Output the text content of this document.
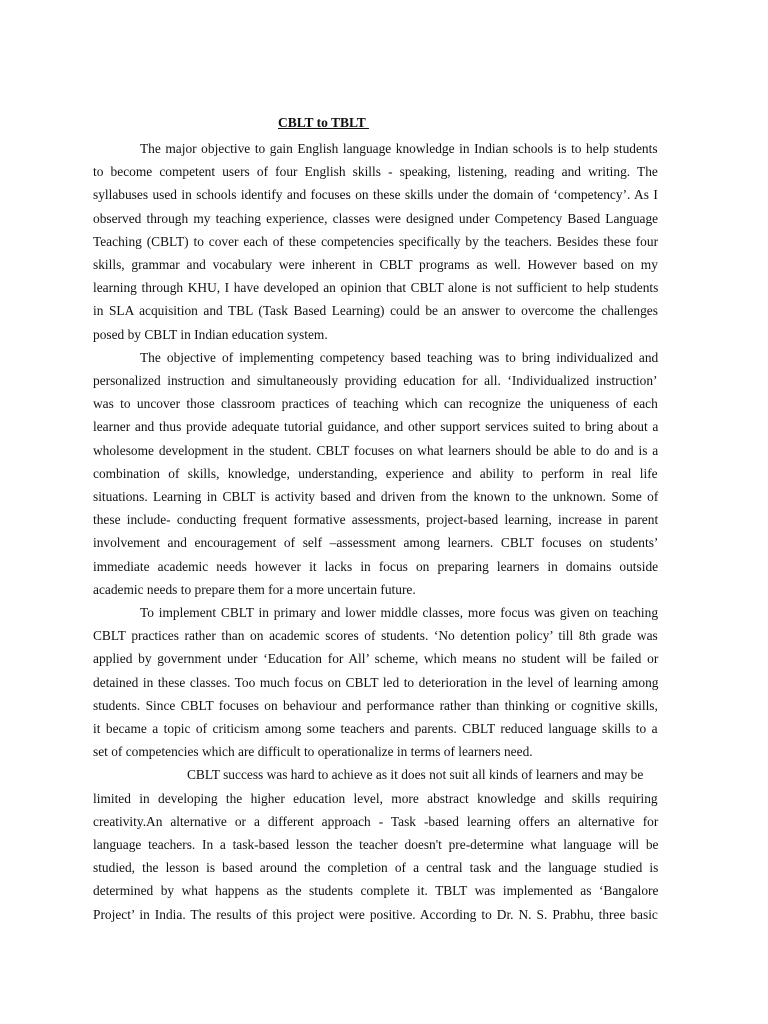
CBLT to TBLT

The major objective to gain English language knowledge in Indian schools is to help students

to become competent users of four English skills - speaking, listening, reading and writing. The

syllabuses used in schools identify and focuses on these skills under the domain of ‘competency’. As I

observed through my teaching experience, classes were designed under Competency Based Language

Teaching (CBLT) to cover each of these competencies specifically by the teachers. Besides these four

skills, grammar and vocabulary were inherent in CBLT programs as well. However based on my

learning through KHU, I have developed an opinion that CBLT alone is not sufficient to help students

in SLA acquisition and TBL (Task Based Learning) could be an answer to overcome the challenges

posed by CBLT in Indian education system.

The objective of implementing competency based teaching was to bring individualized and

personalized instruction and simultaneously providing education for all. ‘Individualized instruction’

was to uncover those classroom practices of teaching which can recognize the uniqueness of each

learner and thus provide adequate tutorial guidance, and other support services suited to bring about a

wholesome development in the student. CBLT focuses on what learners should be able to do and is a

combination of skills, knowledge, understanding, experience and ability to perform in real life

situations. Learning in CBLT is activity based and driven from the known to the unknown. Some of

these include- conducting frequent formative assessments, project-based learning, increase in parent

involvement and encouragement of self –assessment among learners. CBLT focuses on students’

immediate academic needs however it lacks in focus on preparing learners in domains outside

academic needs to prepare them for a more uncertain future.

To implement CBLT in primary and lower middle classes, more focus was given on teaching

CBLT practices rather than on academic scores of students. ‘No detention policy’ till 8th grade was

applied by government under ‘Education for All’ scheme, which means no student will be failed or

detained in these classes. Too much focus on CBLT led to deterioration in the level of learning among

students. Since CBLT focuses on behaviour and performance rather than thinking or cognitive skills,

it became a topic of criticism among some teachers and parents. CBLT reduced language skills to a

set of competencies which are difficult to operationalize in terms of learners need.

CBLT success was hard to achieve as it does not suit all kinds of learners and may be

limited in developing the higher education level, more abstract knowledge and skills requiring

creativity.An alternative or a different approach - Task -based learning offers an alternative for

language teachers. In a task-based lesson the teacher doesn't pre-determine what language will be

studied, the lesson is based around the completion of a central task and the language studied is

determined by what happens as the students complete it. TBLT was implemented as ‘Bangalore

Project’ in India. The results of this project were positive. According to Dr. N. S. Prabhu, three basic
